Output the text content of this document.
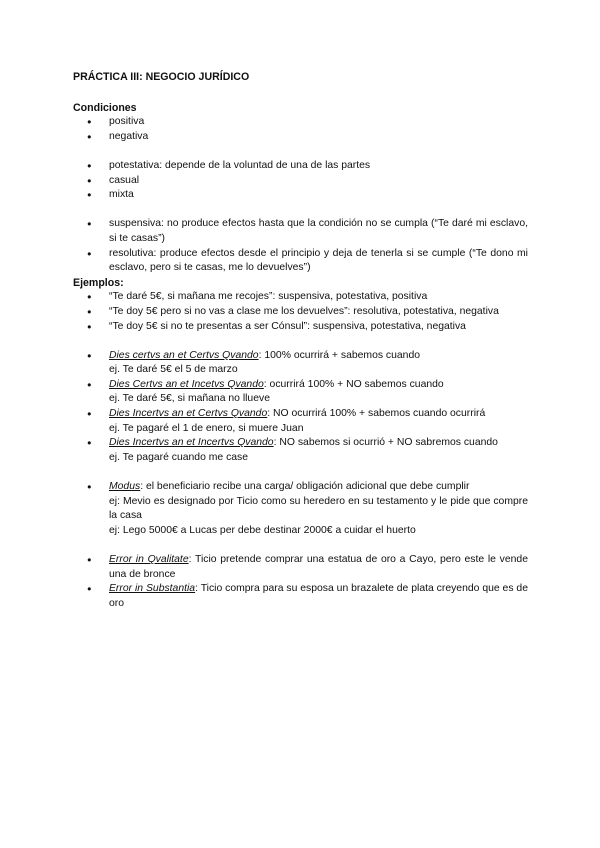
PRÁCTICA III: NEGOCIO JURÍDICO

Condiciones

● positiva
● negativa
● potestativa: depende de la voluntad de una de las partes
● casual
● mixta
● suspensiva: no produce efectos hasta que la condición no se cumpla (“Te daré mi esclavo, si te casas”)
● resolutiva: produce efectos desde el principio y deja de tenerla si se cumple (“Te dono mi esclavo, pero si te casas, me lo devuelves”)

Ejemplos:

● “Te daré 5€, si mañana me recojes”: suspensiva, potestativa, positiva
● “Te doy 5€ pero si no vas a clase me los devuelves”: resolutiva, potestativa, negativa
● “Te doy 5€ si no te presentas a ser Cónsul”: suspensiva, potestativa, negativa
● Dies certvs an et Certvs Qvando: 100% ocurrirá + sabemos cuando
ej. Te daré 5€ el 5 de marzo
● Dies Certvs an et Incetvs Qvando: ocurrirá 100% + NO sabemos cuando
ej. Te daré 5€, si mañana no llueve
● Dies Incertvs an et Certvs Qvando: NO ocurrirá 100% + sabemos cuando ocurrirá
ej. Te pagaré el 1 de enero, si muere Juan
● Dies Incertvs an et Incertvs Qvando: NO sabemos si ocurrió + NO sabremos cuando
ej. Te pagaré cuando me case
● Modus: el beneficiario recibe una carga/ obligación adicional que debe cumplir
ej: Mevio es designado por Ticio como su heredero en su testamento y le pide que compre la casa
ej: Lego 5000€ a Lucas per debe destinar 2000€ a cuidar el huerto
● Error in Qvalitate: Ticio pretende comprar una estatua de oro a Cayo, pero este le vende una de bronce
● Error in Substantia: Ticio compra para su esposa un brazalete de plata creyendo que es de oro
